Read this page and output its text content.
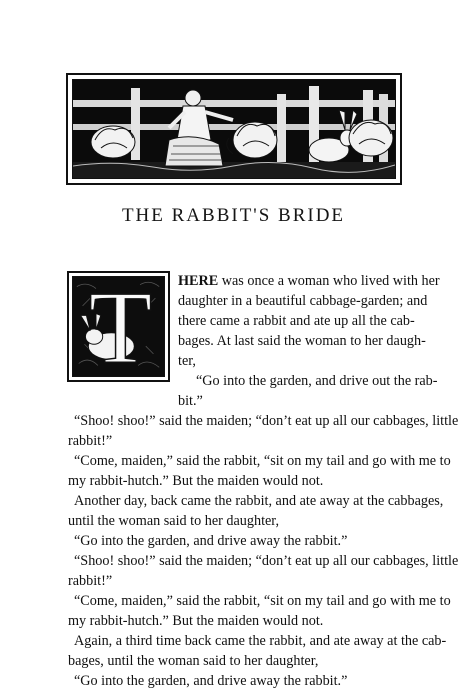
THE RABBIT'S BRIDE
T	HERE was once a woman who lived with her
daughter in a beautiful cabbage-garden; and
there came a rabbit and ate up all the cab-
bages. At last said the woman to her daugh-
ter,
“Go into the garden, and drive out the rab-
bit.”
“Shoo! shoo!” said the maiden; “don’t eat up all our cabbages, little
rabbit!”
“Come, maiden,” said the rabbit, “sit on my tail and go with me to
my rabbit-hutch.” But the maiden would not.
Another day, back came the rabbit, and ate away at the cabbages,
until the woman said to her daughter,
“Go into the garden, and drive away the rabbit.”
“Shoo! shoo!” said the maiden; “don’t eat up all our cabbages, little
rabbit!”
“Come, maiden,” said the rabbit, “sit on my tail and go with me to
my rabbit-hutch.” But the maiden would not.
Again, a third time back came the rabbit, and ate away at the cab-
bages, until the woman said to her daughter,
“Go into the garden, and drive away the rabbit.”
